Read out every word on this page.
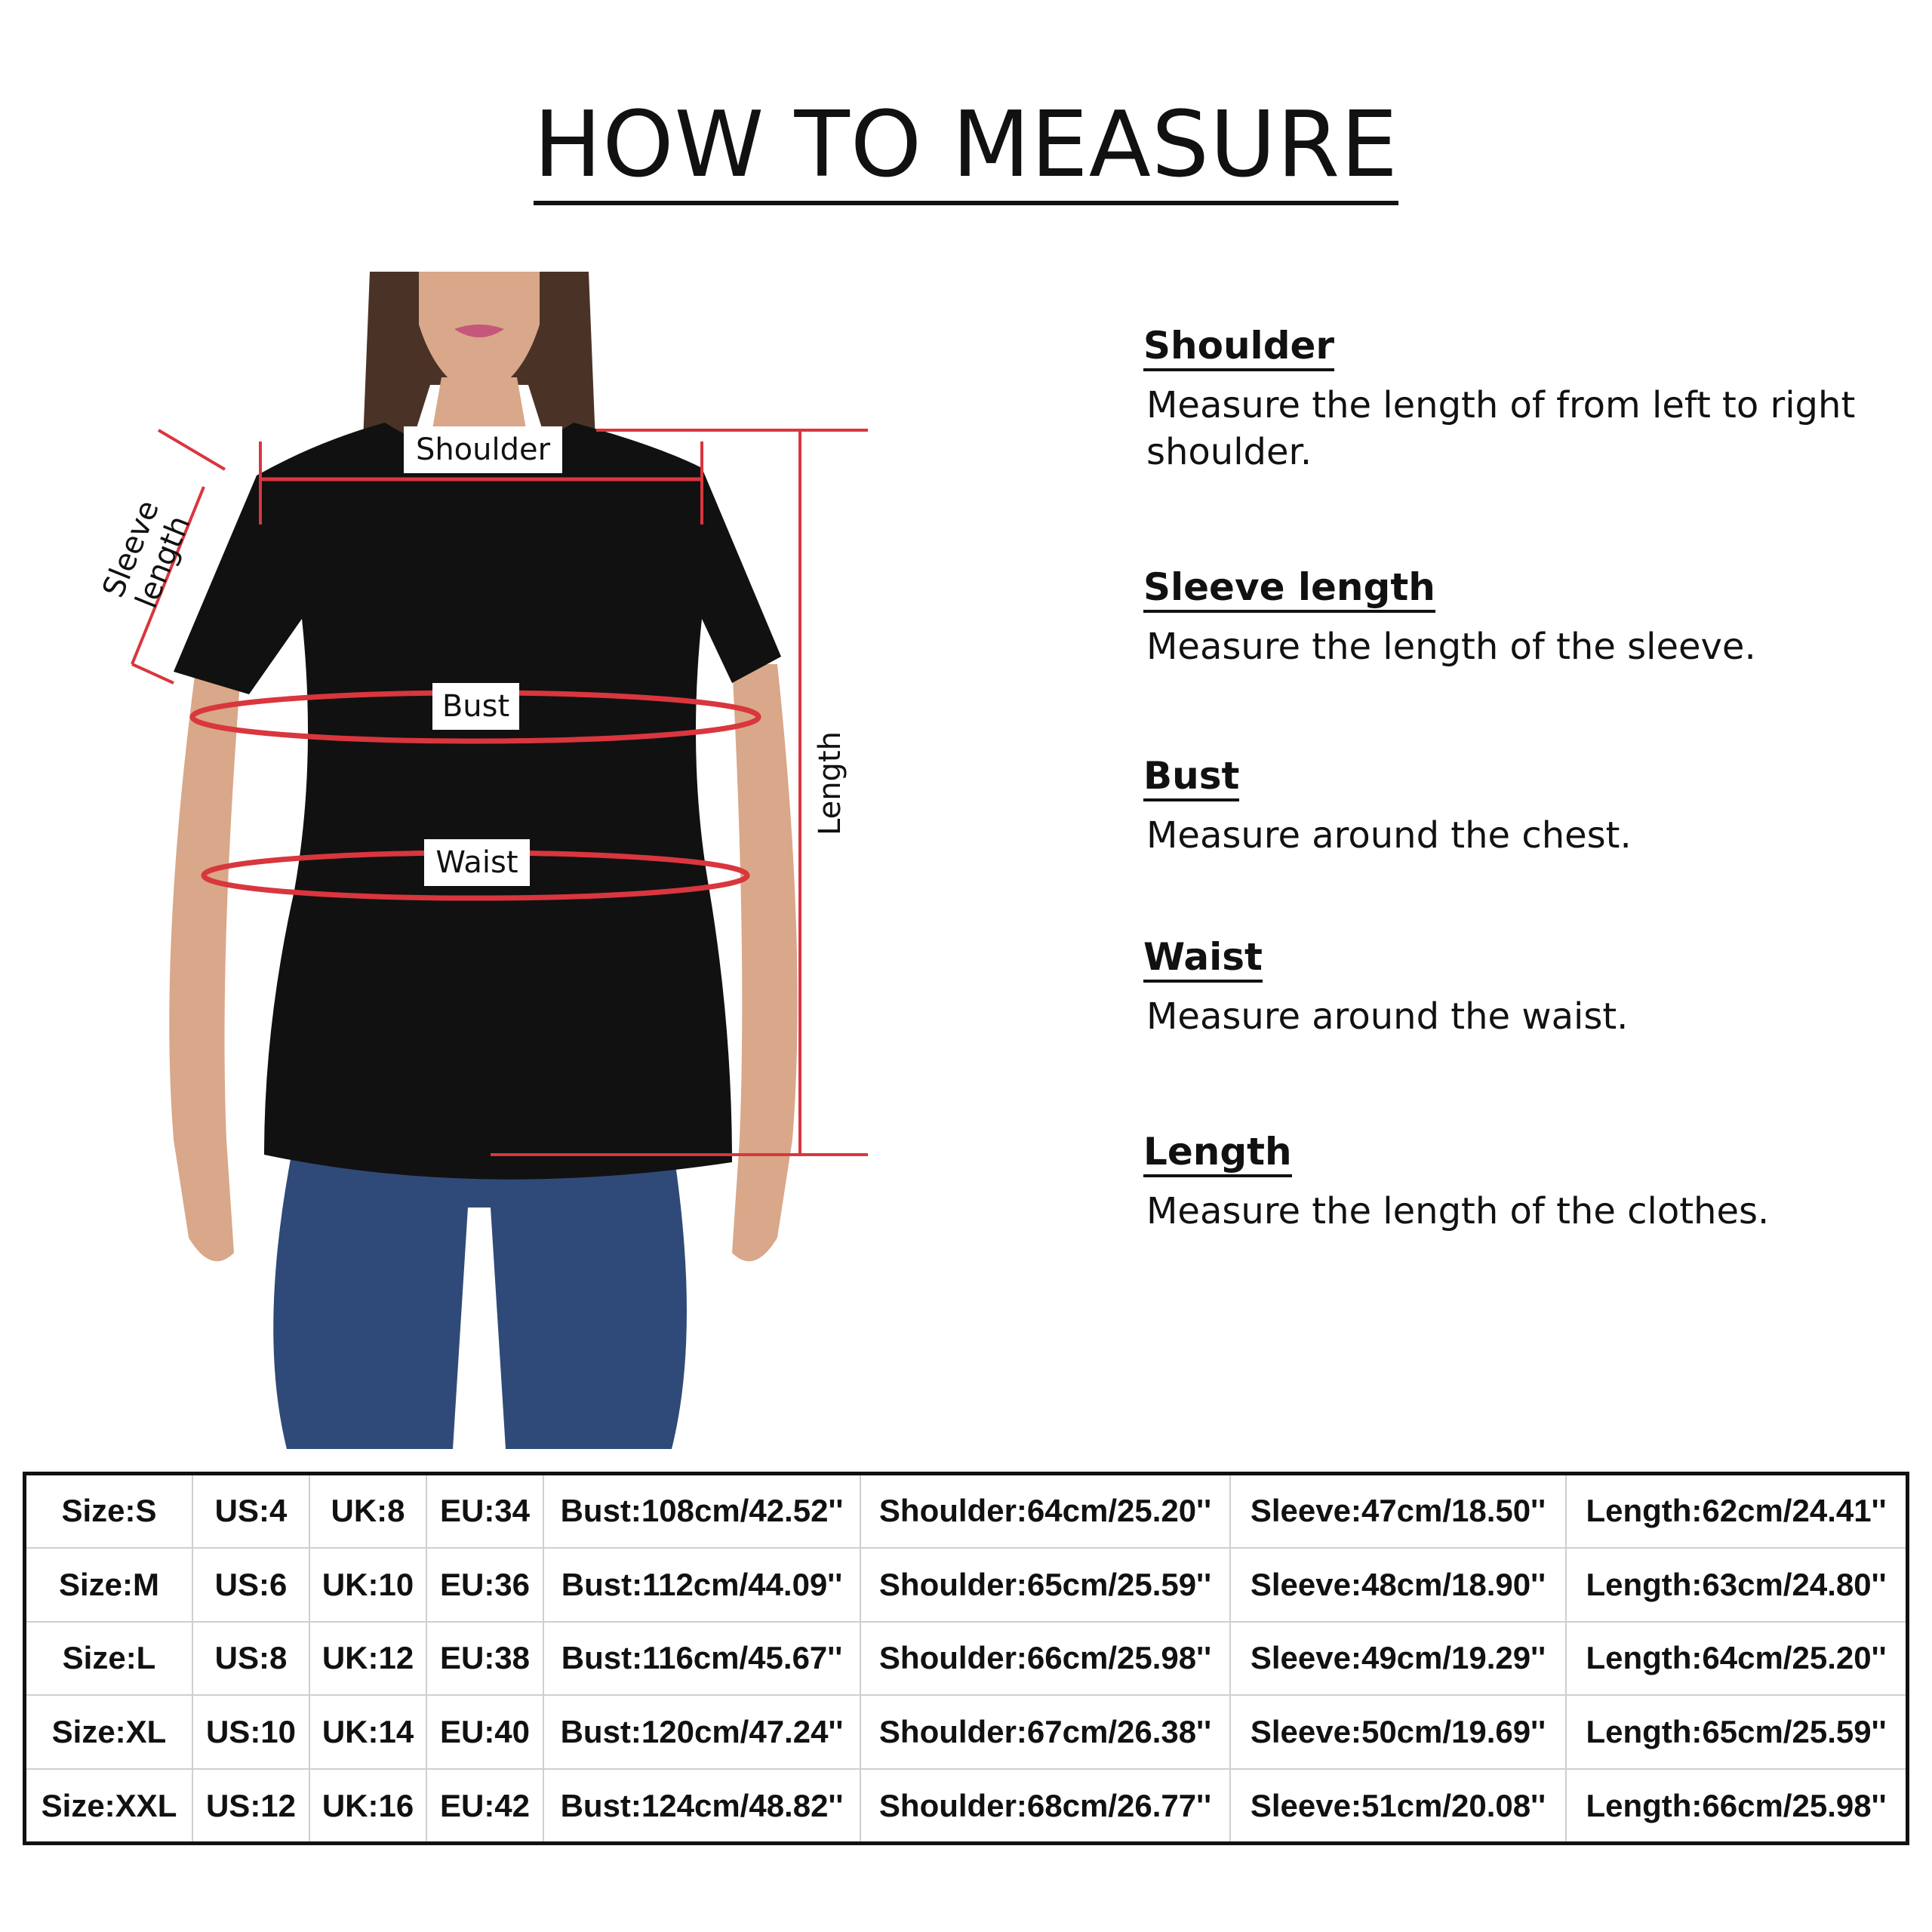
HOW TO MEASURE
Shoulder
Bust
Waist
Sleeve length
Length
Shoulder

Measure the length of from left to right shoulder.

Sleeve length

Measure the length of the sleeve.

Bust

Measure around the chest.

Waist

Measure around the waist.

Length

Measure the length of the clothes.

Size:S	US:4	UK:8	EU:34	Bust:108cm/42.52''	Shoulder:64cm/25.20''	Sleeve:47cm/18.50''	Length:62cm/24.41''
Size:M	US:6	UK:10	EU:36	Bust:112cm/44.09''	Shoulder:65cm/25.59''	Sleeve:48cm/18.90''	Length:63cm/24.80''
Size:L	US:8	UK:12	EU:38	Bust:116cm/45.67''	Shoulder:66cm/25.98''	Sleeve:49cm/19.29''	Length:64cm/25.20''
Size:XL	US:10	UK:14	EU:40	Bust:120cm/47.24''	Shoulder:67cm/26.38''	Sleeve:50cm/19.69''	Length:65cm/25.59''
Size:XXL	US:12	UK:16	EU:42	Bust:124cm/48.82''	Shoulder:68cm/26.77''	Sleeve:51cm/20.08''	Length:66cm/25.98''
